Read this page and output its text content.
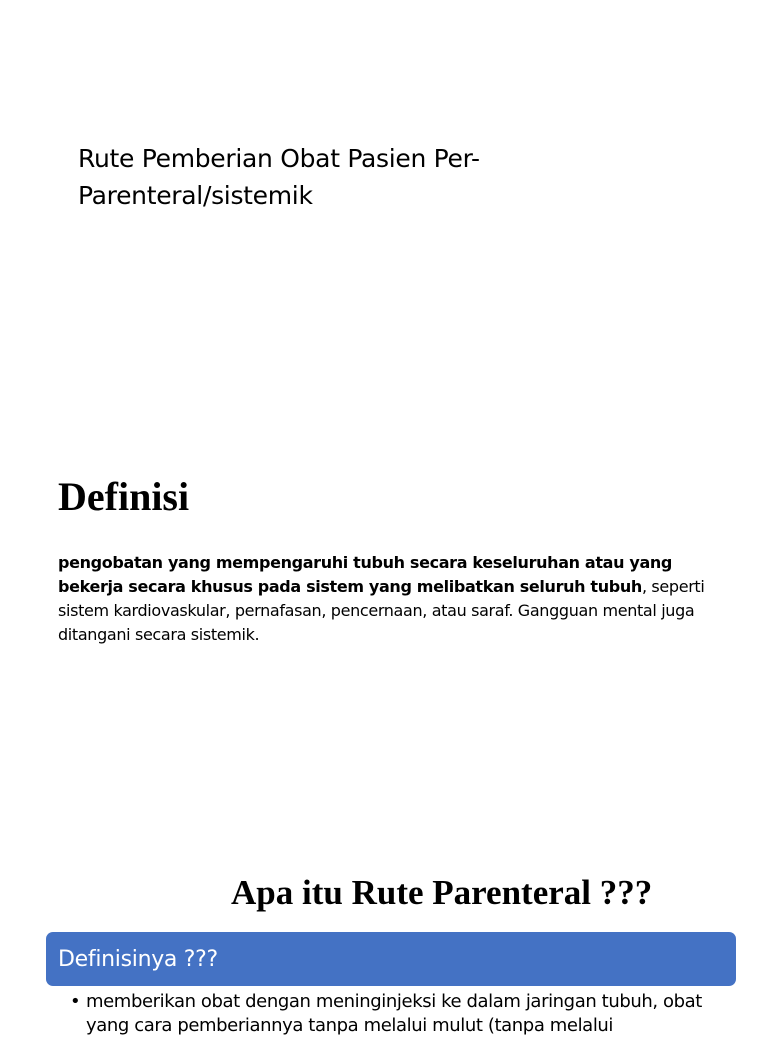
Rute Pemberian Obat Pasien Per-
Parenteral/sistemik
Definisi

pengobatan yang mempengaruhi tubuh secara keseluruhan atau yang bekerja secara khusus pada sistem yang melibatkan seluruh tubuh, seperti sistem kardiovaskular, pernafasan, pencernaan, atau saraf. Gangguan mental juga ditangani secara sistemik.

Apa itu Rute Parenteral ???
Definisinya ???
• memberikan obat dengan meninginjeksi ke dalam jaringan tubuh, obat yang cara pemberiannya tanpa melalui mulut (tanpa melalui
